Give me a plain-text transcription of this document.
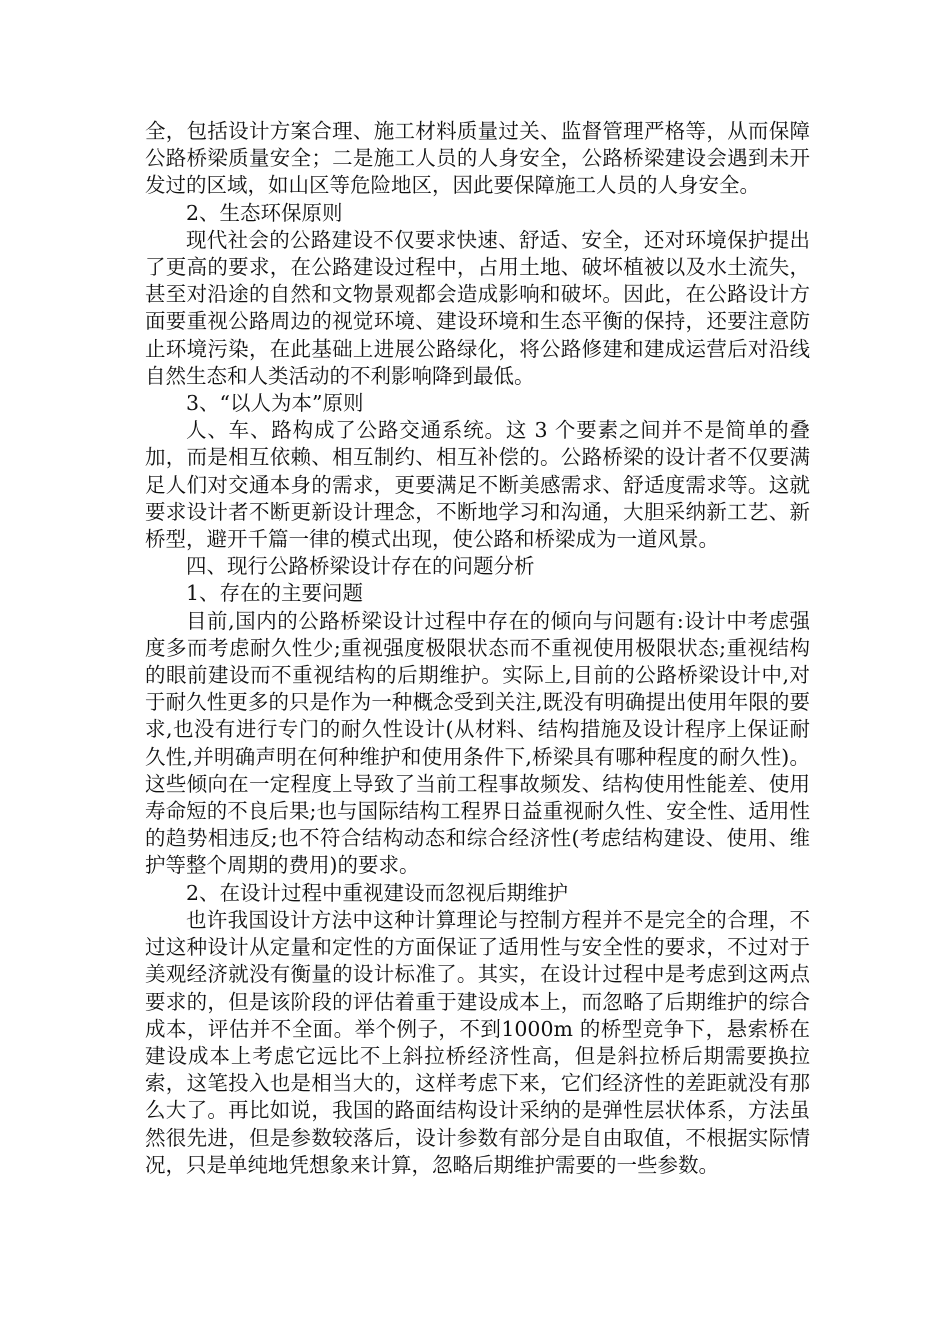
全，包括设计方案合理、施工材料质量过关、监督管理严格等，从而保障公路桥梁质量安全；二是施工人员的人身安全，公路桥梁建设会遇到未开发过的区域，如山区等危险地区，因此要保障施工人员的人身安全。

2、生态环保原则

现代社会的公路建设不仅要求快速、舒适、安全，还对环境保护提出了更高的要求，在公路建设过程中，占用土地、破坏植被以及水土流失，甚至对沿途的自然和文物景观都会造成影响和破坏。因此，在公路设计方面要重视公路周边的视觉环境、建设环境和生态平衡的保持，还要注意防止环境污染，在此基础上进展公路绿化，将公路修建和建成运营后对沿线自然生态和人类活动的不利影响降到最低。

3、“以人为本”原则

人、车、路构成了公路交通系统。这 3 个要素之间并不是简单的叠加，而是相互依赖、相互制约、相互补偿的。公路桥梁的设计者不仅要满足人们对交通本身的需求，更要满足不断美感需求、舒适度需求等。这就要求设计者不断更新设计理念，不断地学习和沟通，大胆采纳新工艺、新桥型，避开千篇一律的模式出现，使公路和桥梁成为一道风景。

四、现行公路桥梁设计存在的问题分析

1、存在的主要问题

目前,国内的公路桥梁设计过程中存在的倾向与问题有:设计中考虑强度多而考虑耐久性少;重视强度极限状态而不重视使用极限状态;重视结构的眼前建设而不重视结构的后期维护。实际上,目前的公路桥梁设计中,对于耐久性更多的只是作为一种概念受到关注,既没有明确提出使用年限的要求,也没有进行专门的耐久性设计(从材料、结构措施及设计程序上保证耐久性,并明确声明在何种维护和使用条件下,桥梁具有哪种程度的耐久性)。这些倾向在一定程度上导致了当前工程事故频发、结构使用性能差、使用寿命短的不良后果;也与国际结构工程界日益重视耐久性、安全性、适用性的趋势相违反;也不符合结构动态和综合经济性(考虑结构建设、使用、维护等整个周期的费用)的要求。

2、在设计过程中重视建设而忽视后期维护

也许我国设计方法中这种计算理论与控制方程并不是完全的合理，不过这种设计从定量和定性的方面保证了适用性与安全性的要求，不过对于美观经济就没有衡量的设计标准了。其实，在设计过程中是考虑到这两点要求的，但是该阶段的评估着重于建设成本上，而忽略了后期维护的综合成本，评估并不全面。举个例子，不到1000m 的桥型竞争下，悬索桥在建设成本上考虑它远比不上斜拉桥经济性高，但是斜拉桥后期需要换拉索，这笔投入也是相当大的，这样考虑下来，它们经济性的差距就没有那么大了。再比如说，我国的路面结构设计采纳的是弹性层状体系，方法虽然很先进，但是参数较落后，设计参数有部分是自由取值，不根据实际情况，只是单纯地凭想象来计算，忽略后期维护需要的一些参数。
